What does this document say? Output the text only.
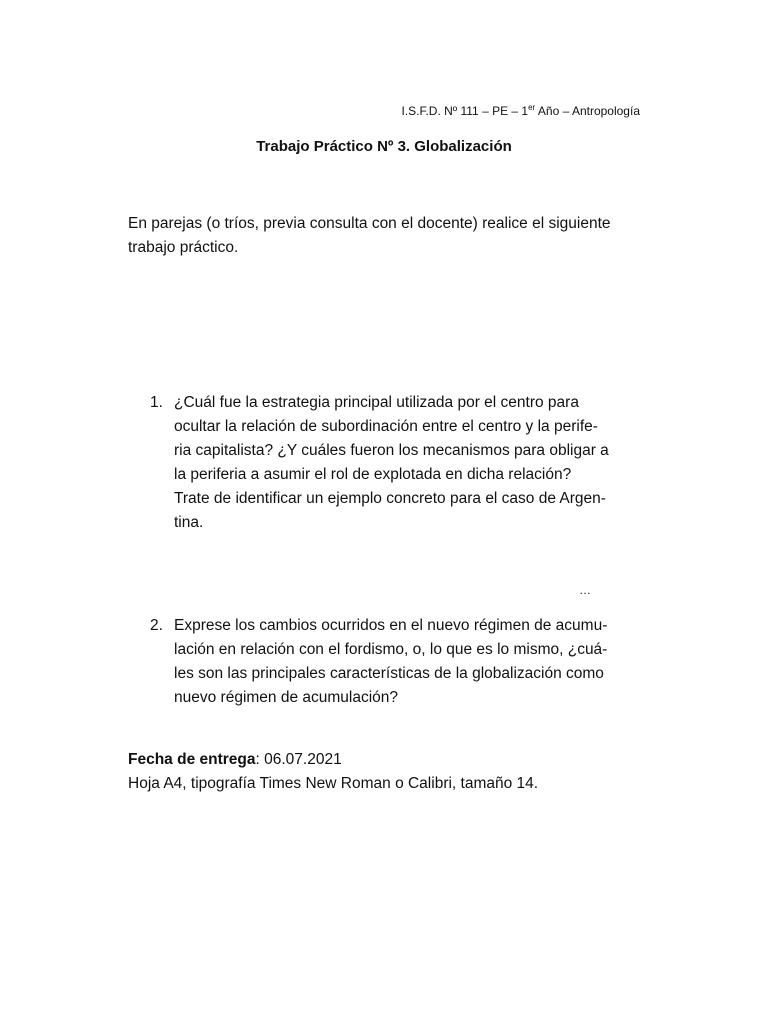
I.S.F.D. Nº 111 – PE – 1er Año – Antropología
Trabajo Práctico Nº 3. Globalización
En parejas (o tríos, previa consulta con el docente) realice el siguiente
trabajo práctico.
1. ¿Cuál fue la estrategia principal utilizada por el centro para
ocultar la relación de subordinación entre el centro y la perife-
ria capitalista? ¿Y cuáles fueron los mecanismos para obligar a
la periferia a asumir el rol de explotada en dicha relación?
Trate de identificar un ejemplo concreto para el caso de Argen-
tina.
…
2. Exprese los cambios ocurridos en el nuevo régimen de acumu-
lación en relación con el fordismo, o, lo que es lo mismo, ¿cuá-
les son las principales características de la globalización como
nuevo régimen de acumulación?
Fecha de entrega: 06.07.2021
Hoja A4, tipografía Times New Roman o Calibri, tamaño 14.
